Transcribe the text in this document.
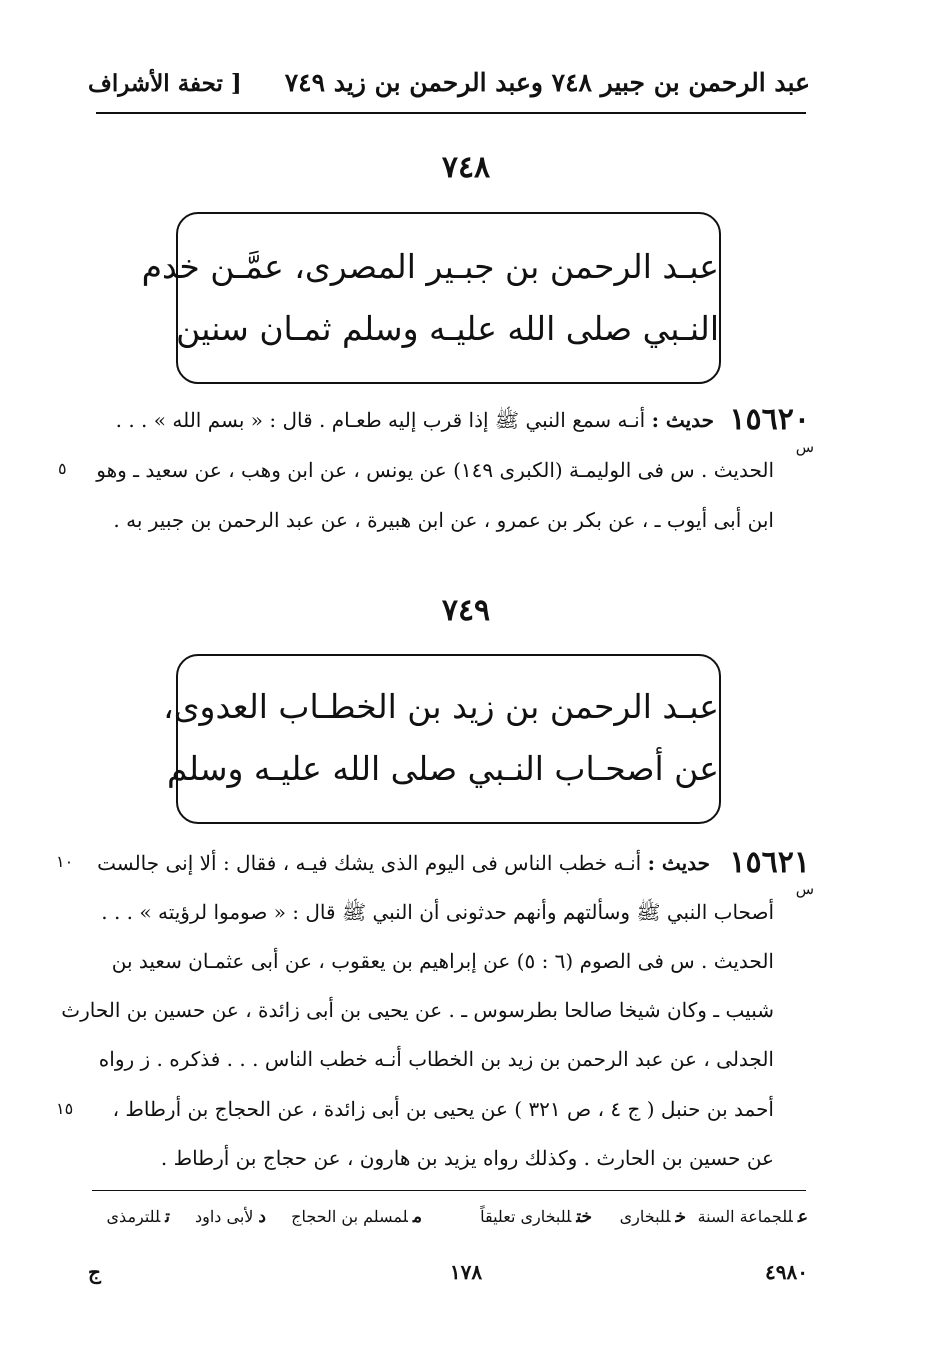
عبد الرحمن بن جبير ٧٤٨ وعبد الرحمن بن زيد ٧٤٩
[ تحفة الأشراف
٧٤٨
عبـد الرحمن بن جبـير المصرى، عمَّـن خدم
النـبي صلى الله عليـه وسلم ثمـان سنين
١٥٦٢٠
س
حديث : أنـه سمع النبي ﷺ إذا قرب إليه طعـام . قال : « بسم الله » . . .
الحديث . س فى الوليمـة (الكبرى ١٤٩) عن يونس ، عن ابن وهب ، عن سعيد ـ وهو
ابن أبى أيوب ـ ، عن بكر بن عمرو ، عن ابن هبيرة ، عن عبد الرحمن بن جبير به .
٥
٧٤٩
عبـد الرحمن بن زيد بن الخطـاب العدوى،
عن أصحـاب النـبي صلى الله عليـه وسلم
١٥٦٢١
س
حديث : أنـه خطب الناس فى اليوم الذى يشك فيـه ، فقال : ألا إنى جالست
أصحاب النبي ﷺ وسألتهم وأنهم حدثونى أن النبي ﷺ قال : « صوموا لرؤيته » . . .
الحديث . س فى الصوم (٦ : ٥) عن إبراهيم بن يعقوب ، عن أبى عثمـان سعيد بن
شبيب ـ وكان شيخا صالحا بطرسوس ـ . عن يحيى بن أبى زائدة ، عن حسين بن الحارث
الجدلى ، عن عبد الرحمن بن زيد بن الخطاب أنـه خطب الناس . . . فذكره . ز رواه
أحمد بن حنبل ( ج ٤ ، ص ٣٢١ ) عن يحيى بن أبى زائدة ، عن الحجاج بن أرطاط ،
عن حسين بن الحارث . وكذلك رواه يزيد بن هارون ، عن حجاج بن أرطاط .
١٠
١٥
عللجماعة السنة
خللبخارى
ختللبخارى تعليقاً
ملمسلم بن الحجاج
دلأبى داود
تللترمذى
٤٩٨٠
١٧٨
ج
